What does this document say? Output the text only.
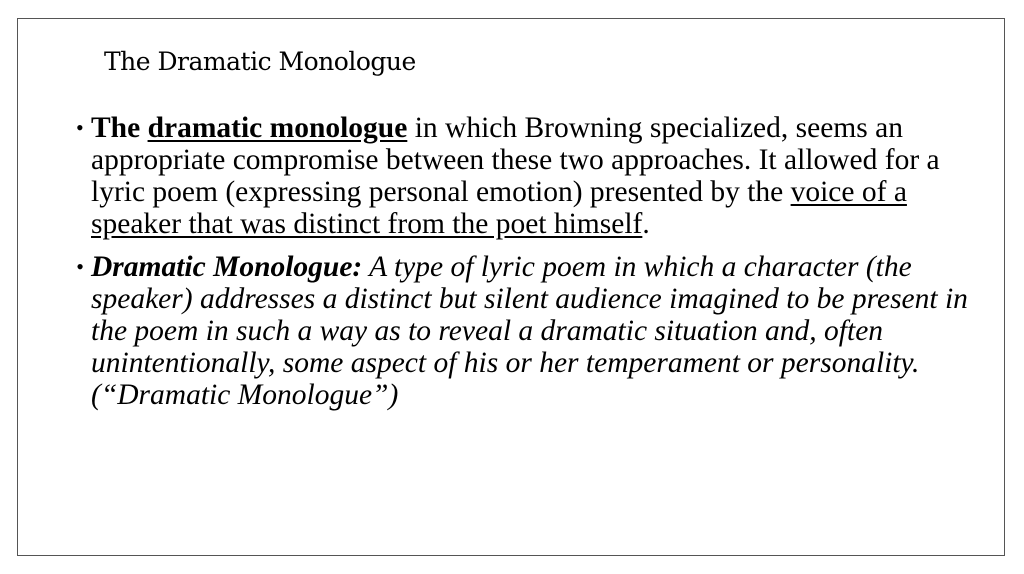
The Dramatic Monologue
• The dramatic monologue in which Browning specialized, seems an appropriate compromise between these two approaches. It allowed for a lyric poem (expressing personal emotion) presented by the voice of a speaker that was distinct from the poet himself.
• Dramatic Monologue: A type of lyric poem in which a character (the speaker) addresses a distinct but silent audience imagined to be present in the poem in such a way as to reveal a dramatic situation and, often unintentionally, some aspect of his or her temperament or personality. (“Dramatic Monologue”)
